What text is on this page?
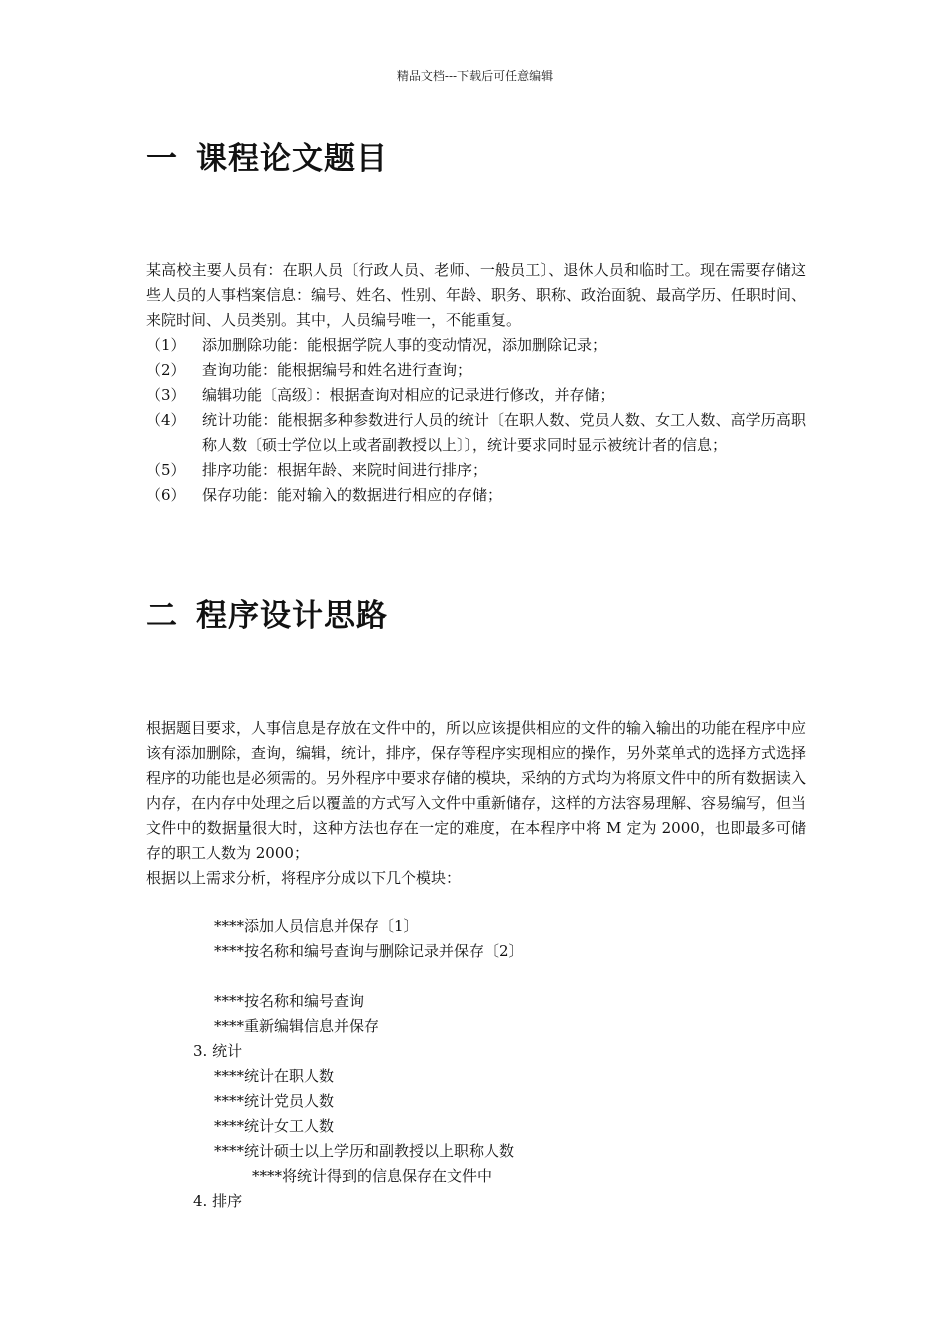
精品文档---下载后可任意编辑
一 课程论文题目
某高校主要人员有：在职人员〔行政人员、老师、一般员工〕、退休人员和临时工。现在需要存储这些人员的人事档案信息：编号、姓名、性别、年龄、职务、职称、政治面貌、最高学历、任职时间、来院时间、人员类别。其中，人员编号唯一，不能重复。
（1）	添加删除功能：能根据学院人事的变动情况，添加删除记录；
（2）	查询功能：能根据编号和姓名进行查询；
（3）	编辑功能〔高级〕：根据查询对相应的记录进行修改，并存储；
（4）	统计功能：能根据多种参数进行人员的统计〔在职人数、党员人数、女工人数、高学历高职称人数〔硕士学位以上或者副教授以上〕〕，统计要求同时显示被统计者的信息；
（5）	排序功能：根据年龄、来院时间进行排序；
（6）	保存功能：能对输入的数据进行相应的存储；
二 程序设计思路
根据题目要求，人事信息是存放在文件中的，所以应该提供相应的文件的输入输出的功能在程序中应该有添加删除，查询，编辑，统计，排序，保存等程序实现相应的操作，另外菜单式的选择方式选择程序的功能也是必须需的。另外程序中要求存储的模块，采纳的方式均为将原文件中的所有数据读入内存，在内存中处理之后以覆盖的方式写入文件中重新储存，这样的方法容易理解、容易编写，但当文件中的数据量很大时，这种方法也存在一定的难度，在本程序中将 M 定为 2000，也即最多可储存的职工人数为 2000；
根据以上需求分析，将程序分成以下几个模块：
****添加人员信息并保存〔1〕
****按名称和编号查询与删除记录并保存〔2〕
****按名称和编号查询
****重新编辑信息并保存
3. 统计
****统计在职人数
****统计党员人数
****统计女工人数
****统计硕士以上学历和副教授以上职称人数
****将统计得到的信息保存在文件中
4. 排序
